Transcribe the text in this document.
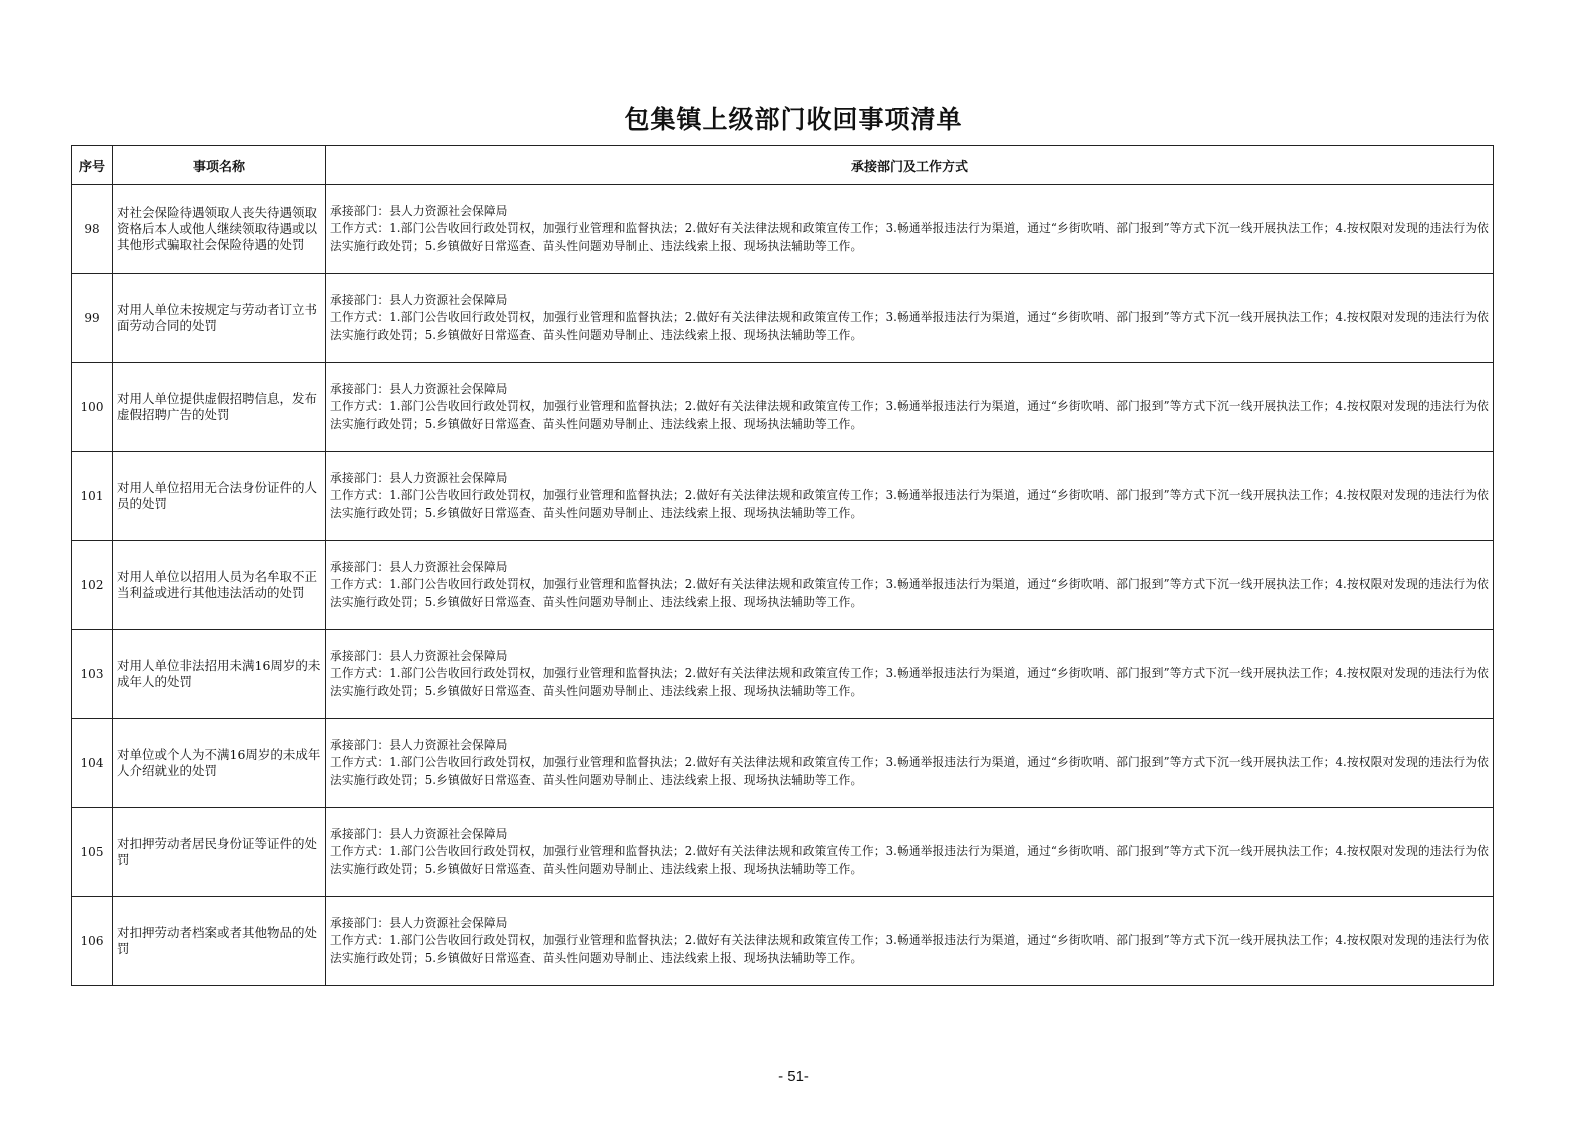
包集镇上级部门收回事项清单
序号	事项名称	承接部门及工作方式
98	对社会保险待遇领取人丧失待遇领取资格后本人或他人继续领取待遇或以其他形式骗取社会保险待遇的处罚	承接部门：县人力资源社会保障局
工作方式：1.部门公告收回行政处罚权，加强行业管理和监督执法；2.做好有关法律法规和政策宣传工作；3.畅通举报违法行为渠道，通过“乡街吹哨、部门报到”等方式下沉一线开展执法工作；4.按权限对发现的违法行为依法实施行政处罚；5.乡镇做好日常巡查、苗头性问题劝导制止、违法线索上报、现场执法辅助等工作。

99	对用人单位未按规定与劳动者订立书面劳动合同的处罚	承接部门：县人力资源社会保障局
工作方式：1.部门公告收回行政处罚权，加强行业管理和监督执法；2.做好有关法律法规和政策宣传工作；3.畅通举报违法行为渠道，通过“乡街吹哨、部门报到”等方式下沉一线开展执法工作；4.按权限对发现的违法行为依法实施行政处罚；5.乡镇做好日常巡查、苗头性问题劝导制止、违法线索上报、现场执法辅助等工作。

100	对用人单位提供虚假招聘信息，发布虚假招聘广告的处罚	承接部门：县人力资源社会保障局
工作方式：1.部门公告收回行政处罚权，加强行业管理和监督执法；2.做好有关法律法规和政策宣传工作；3.畅通举报违法行为渠道，通过“乡街吹哨、部门报到”等方式下沉一线开展执法工作；4.按权限对发现的违法行为依法实施行政处罚；5.乡镇做好日常巡查、苗头性问题劝导制止、违法线索上报、现场执法辅助等工作。

101	对用人单位招用无合法身份证件的人员的处罚	承接部门：县人力资源社会保障局
工作方式：1.部门公告收回行政处罚权，加强行业管理和监督执法；2.做好有关法律法规和政策宣传工作；3.畅通举报违法行为渠道，通过“乡街吹哨、部门报到”等方式下沉一线开展执法工作；4.按权限对发现的违法行为依法实施行政处罚；5.乡镇做好日常巡查、苗头性问题劝导制止、违法线索上报、现场执法辅助等工作。

102	对用人单位以招用人员为名牟取不正当利益或进行其他违法活动的处罚	承接部门：县人力资源社会保障局
工作方式：1.部门公告收回行政处罚权，加强行业管理和监督执法；2.做好有关法律法规和政策宣传工作；3.畅通举报违法行为渠道，通过“乡街吹哨、部门报到”等方式下沉一线开展执法工作；4.按权限对发现的违法行为依法实施行政处罚；5.乡镇做好日常巡查、苗头性问题劝导制止、违法线索上报、现场执法辅助等工作。

103	对用人单位非法招用未满16周岁的未成年人的处罚	承接部门：县人力资源社会保障局
工作方式：1.部门公告收回行政处罚权，加强行业管理和监督执法；2.做好有关法律法规和政策宣传工作；3.畅通举报违法行为渠道，通过“乡街吹哨、部门报到”等方式下沉一线开展执法工作；4.按权限对发现的违法行为依法实施行政处罚；5.乡镇做好日常巡查、苗头性问题劝导制止、违法线索上报、现场执法辅助等工作。

104	对单位或个人为不满16周岁的未成年人介绍就业的处罚	承接部门：县人力资源社会保障局
工作方式：1.部门公告收回行政处罚权，加强行业管理和监督执法；2.做好有关法律法规和政策宣传工作；3.畅通举报违法行为渠道，通过“乡街吹哨、部门报到”等方式下沉一线开展执法工作；4.按权限对发现的违法行为依法实施行政处罚；5.乡镇做好日常巡查、苗头性问题劝导制止、违法线索上报、现场执法辅助等工作。

105	对扣押劳动者居民身份证等证件的处罚	承接部门：县人力资源社会保障局
工作方式：1.部门公告收回行政处罚权，加强行业管理和监督执法；2.做好有关法律法规和政策宣传工作；3.畅通举报违法行为渠道，通过“乡街吹哨、部门报到”等方式下沉一线开展执法工作；4.按权限对发现的违法行为依法实施行政处罚；5.乡镇做好日常巡查、苗头性问题劝导制止、违法线索上报、现场执法辅助等工作。

106	对扣押劳动者档案或者其他物品的处罚	承接部门：县人力资源社会保障局
工作方式：1.部门公告收回行政处罚权，加强行业管理和监督执法；2.做好有关法律法规和政策宣传工作；3.畅通举报违法行为渠道，通过“乡街吹哨、部门报到”等方式下沉一线开展执法工作；4.按权限对发现的违法行为依法实施行政处罚；5.乡镇做好日常巡查、苗头性问题劝导制止、违法线索上报、现场执法辅助等工作。
- 51-
